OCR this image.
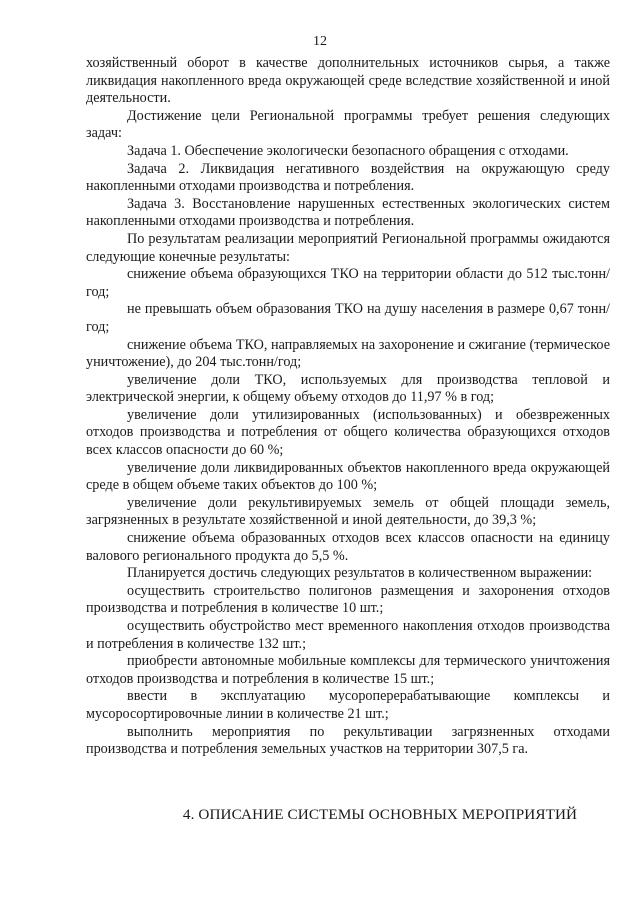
12

хозяйственный оборот в качестве дополнительных источников сырья, а также ликвидация накопленного вреда окружающей среде вследствие хозяйственной и иной деятельности.

Достижение цели Региональной программы требует решения следующих задач:

Задача 1. Обеспечение экологически безопасного обращения с отходами.

Задача 2. Ликвидация негативного воздействия на окружающую среду накопленными отходами производства и потребления.

Задача 3. Восстановление нарушенных естественных экологических систем накопленными отходами производства и потребления.

По результатам реализации мероприятий Региональной программы ожидаются следующие конечные результаты:

снижение объема образующихся ТКО на территории области до 512 тыс.тонн/год;

не превышать объем образования ТКО на душу населения в размере 0,67 тонн/год;

снижение объема ТКО, направляемых на захоронение и сжигание (термическое уничтожение), до 204 тыс.тонн/год;

увеличение доли ТКО, используемых для производства тепловой и электрической энергии, к общему объему отходов до 11,97 % в год;

увеличение доли утилизированных (использованных) и обезвреженных отходов производства и потребления от общего количества образующихся отходов всех классов опасности до 60 %;

увеличение доли ликвидированных объектов накопленного вреда окружающей среде в общем объеме таких объектов до 100 %;

увеличение доли рекультивируемых земель от общей площади земель, загрязненных в результате хозяйственной и иной деятельности, до 39,3 %;

снижение объема образованных отходов всех классов опасности на единицу валового регионального продукта до 5,5 %.

Планируется достичь следующих результатов в количественном выражении:

осуществить строительство полигонов размещения и захоронения отходов производства и потребления в количестве 10 шт.;

осуществить обустройство мест временного накопления отходов производства и потребления в количестве 132 шт.;

приобрести автономные мобильные комплексы для термического уничтожения отходов производства и потребления в количестве 15 шт.;

ввести в эксплуатацию мусороперерабатывающие комплексы и мусоросортировочные линии в количестве 21 шт.;

выполнить мероприятия по рекультивации загрязненных отходами производства и потребления земельных участков на территории 307,5 га.

4. ОПИСАНИЕ СИСТЕМЫ ОСНОВНЫХ МЕРОПРИЯТИЙ
